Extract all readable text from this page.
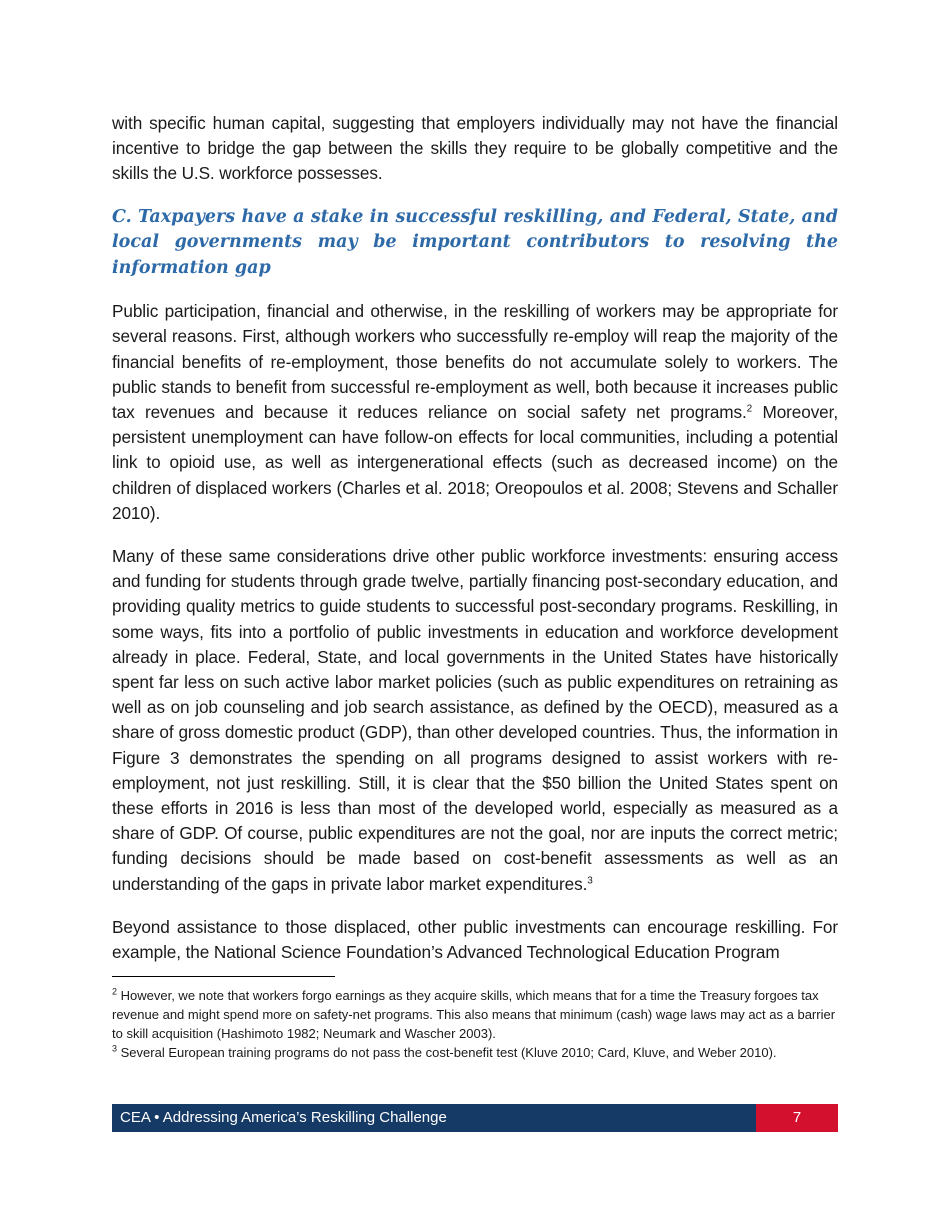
with specific human capital, suggesting that employers individually may not have the financial incentive to bridge the gap between the skills they require to be globally competitive and the skills the U.S. workforce possesses.

C. Taxpayers have a stake in successful reskilling, and Federal, State, and local governments may be important contributors to resolving the information gap

Public participation, financial and otherwise, in the reskilling of workers may be appropriate for several reasons. First, although workers who successfully re-employ will reap the majority of the financial benefits of re-employment, those benefits do not accumulate solely to workers. The public stands to benefit from successful re-employment as well, both because it increases public tax revenues and because it reduces reliance on social safety net programs.$^2$ Moreover, persistent unemployment can have follow-on effects for local communities, including a potential link to opioid use, as well as intergenerational effects (such as decreased income) on the children of displaced workers (Charles et al. 2018; Oreopoulos et al. 2008; Stevens and Schaller 2010).

Many of these same considerations drive other public workforce investments: ensuring access and funding for students through grade twelve, partially financing post-secondary education, and providing quality metrics to guide students to successful post-secondary programs. Reskilling, in some ways, fits into a portfolio of public investments in education and workforce development already in place. Federal, State, and local governments in the United States have historically spent far less on such active labor market policies (such as public expenditures on retraining as well as on job counseling and job search assistance, as defined by the OECD), measured as a share of gross domestic product (GDP), than other developed countries. Thus, the information in Figure 3 demonstrates the spending on all programs designed to assist workers with re-employment, not just reskilling. Still, it is clear that the $50 billion the United States spent on these efforts in 2016 is less than most of the developed world, especially as measured as a share of GDP. Of course, public expenditures are not the goal, nor are inputs the correct metric; funding decisions should be made based on cost-benefit assessments as well as an understanding of the gaps in private labor market expenditures.$^3$

Beyond assistance to those displaced, other public investments can encourage reskilling. For example, the National Science Foundation’s Advanced Technological Education Program

$^2$ However, we note that workers forgo earnings as they acquire skills, which means that for a time the Treasury forgoes tax revenue and might spend more on safety-net programs. This also means that minimum (cash) wage laws may act as a barrier to skill acquisition (Hashimoto 1982; Neumark and Wascher 2003).

$^3$ Several European training programs do not pass the cost-benefit test (Kluve 2010; Card, Kluve, and Weber 2010).

CEA • Addressing America’s Reskilling Challenge	7
